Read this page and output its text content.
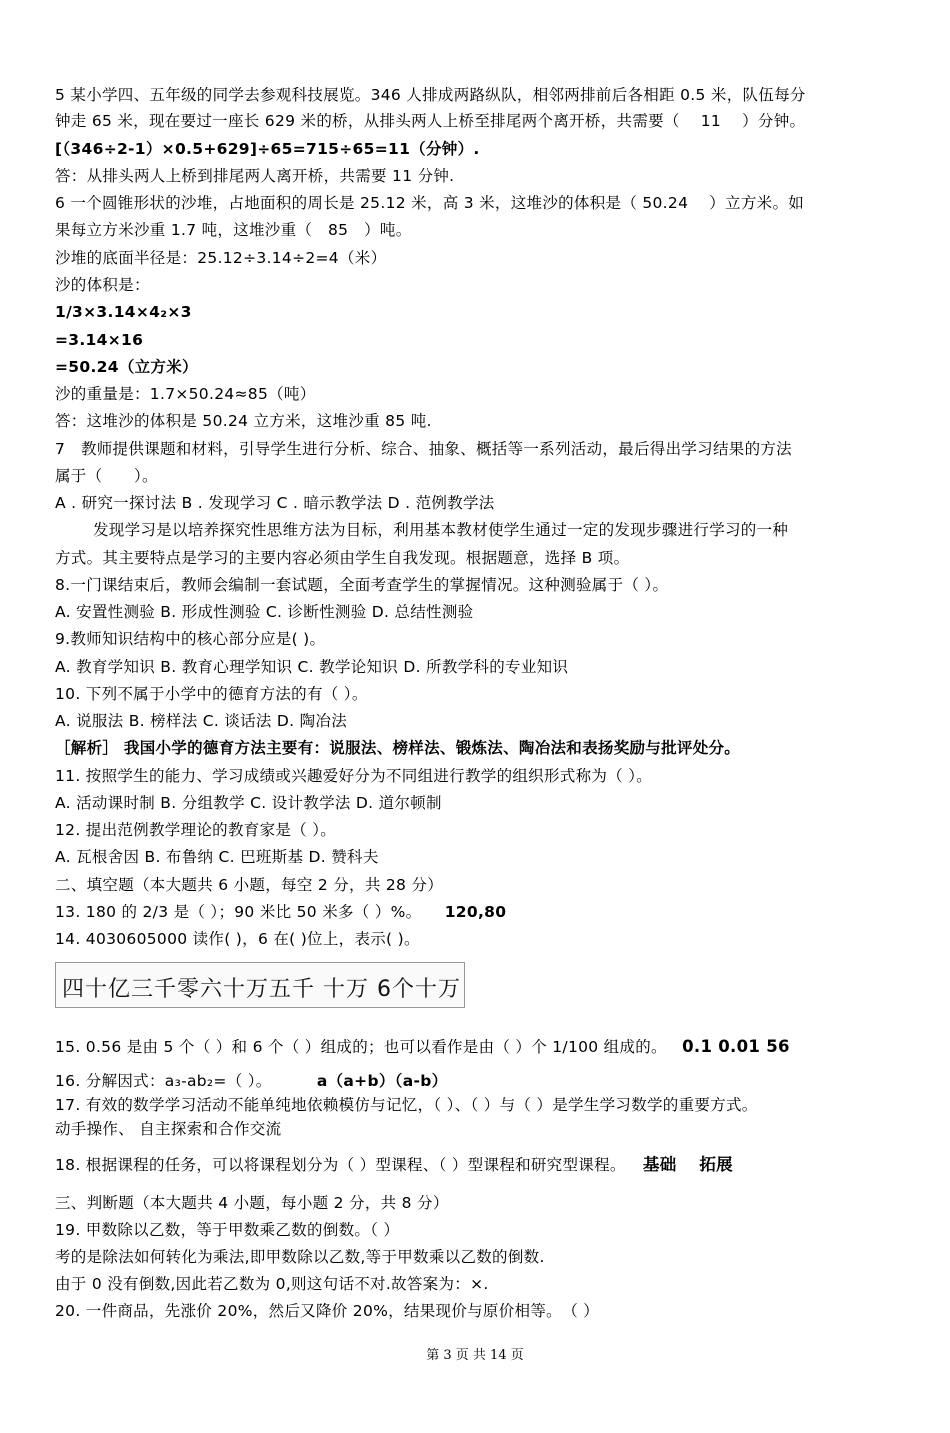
5 某小学四、五年级的同学去参观科技展览。346 人排成两路纵队，相邻两排前后各相距 0.5 米，队伍每分
钟走 65 米，现在要过一座长 629 米的桥，从排头两人上桥至排尾两个离开桥，共需要（　 11　 ）分钟。
[（346÷2-1）×0.5+629]÷65=715÷65=11（分钟）.
答：从排头两人上桥到排尾两人离开桥，共需要 11 分钟.
6 一个圆锥形状的沙堆，占地面积的周长是 25.12 米，高 3 米，这堆沙的体积是（ 50.24　 ）立方米。如
果每立方米沙重 1.7 吨，这堆沙重（　85　）吨。
沙堆的底面半径是：25.12÷3.14÷2=4（米）
沙的体积是：
1/3×3.14×4₂×3
=3.14×16
=50.24（立方米）
沙的重量是：1.7×50.24≈85（吨）
答：这堆沙的体积是 50.24 立方米，这堆沙重 85 吨.
7　教师提供课题和材料，引导学生进行分析、综合、抽象、概括等一系列活动，最后得出学习结果的方法
属于（　　）。
A . 研究一探讨法 B . 发现学习 C . 暗示教学法 D . 范例教学法
发现学习是以培养探究性思维方法为目标，利用基本教材使学生通过一定的发现步骤进行学习的一种
方式。其主要特点是学习的主要内容必须由学生自我发现。根据题意，选择 B 项。
8.一门课结束后，教师会编制一套试题，全面考查学生的掌握情况。这种测验属于（ ）。
A. 安置性测验 B. 形成性测验 C. 诊断性测验 D. 总结性测验
9.教师知识结构中的核心部分应是( )。
A. 教育学知识 B. 教育心理学知识 C. 教学论知识 D. 所教学科的专业知识
10. 下列不属于小学中的德育方法的有（ ）。
A. 说服法 B. 榜样法 C. 谈话法 D. 陶冶法
［解析］ 我国小学的德育方法主要有：说服法、榜样法、锻炼法、陶冶法和表扬奖励与批评处分。
11. 按照学生的能力、学习成绩或兴趣爱好分为不同组进行教学的组织形式称为（ ）。
A. 活动课时制 B. 分组教学 C. 设计教学法 D. 道尔顿制
12. 提出范例教学理论的教育家是（ ）。
A. 瓦根舍因 B. 布鲁纳 C. 巴班斯基 D. 赞科夫
二、填空题（本大题共 6 小题，每空 2 分，共 28 分）
13. 180 的 2/3 是（ ）；90 米比 50 米多（ ）%。 120,80
14. 4030605000 读作( )，6 在( )位上，表示( )。
四十亿三千零六十万五千 十万 6个十万
15. 0.56 是由 5 个（ ）和 6 个（ ）组成的；也可以看作是由（ ）个 1/100 组成的。 0.1 0.01 56
16. 分解因式：a₃-ab₂=（ ）。	a（a+b）（a-b）
17. 有效的数学学习活动不能单纯地依赖模仿与记忆，（ ）、（ ）与（ ）是学生学习数学的重要方式。
动手操作、 自主探索和合作交流
18. 根据课程的任务，可以将课程划分为（ ）型课程、（ ）型课程和研究型课程。 基础　 拓展
三、判断题（本大题共 4 小题，每小题 2 分，共 8 分）
19. 甲数除以乙数，等于甲数乘乙数的倒数。（ ）
考的是除法如何转化为乘法,即甲数除以乙数,等于甲数乘以乙数的倒数.
由于 0 没有倒数,因此若乙数为 0,则这句话不对.故答案为：×.
20. 一件商品，先涨价 20%，然后又降价 20%，结果现价与原价相等。　（ ）
第 3 页 共 14 页
